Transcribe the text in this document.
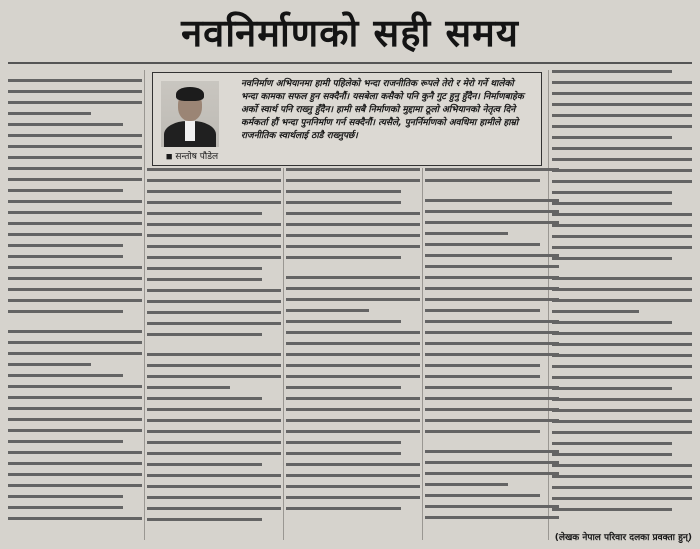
नवनिर्माणको सही समय
■ सन्तोष पौडेल
नवनिर्माण अभियानमा हामी पहिलेको भन्दा राजनीतिक रूपले तेरो र मेरो गर्ने थालेको भन्दा कामका सफल हुन सक्दैनौं। यसबेला कसैको पनि कुनै गुट हुनु हुँदैन। निर्माणबाहेक अर्को स्वार्थ पनि राख्नु हुँदैन। हामी सबै निर्माणको मुद्दामा ठूलो अभियानको नेतृत्व दिने कर्मकर्ता हौं भन्दा पुननिर्माण गर्न सक्दैनौं। त्यसैले, पुनर्निर्माणको अवधिमा हामीले हाम्रो राजनीतिक स्वार्थलाई ठाडै राख्नुपर्छ।
(लेखक नेपाल परिवार दलका प्रवक्ता हुन्)
